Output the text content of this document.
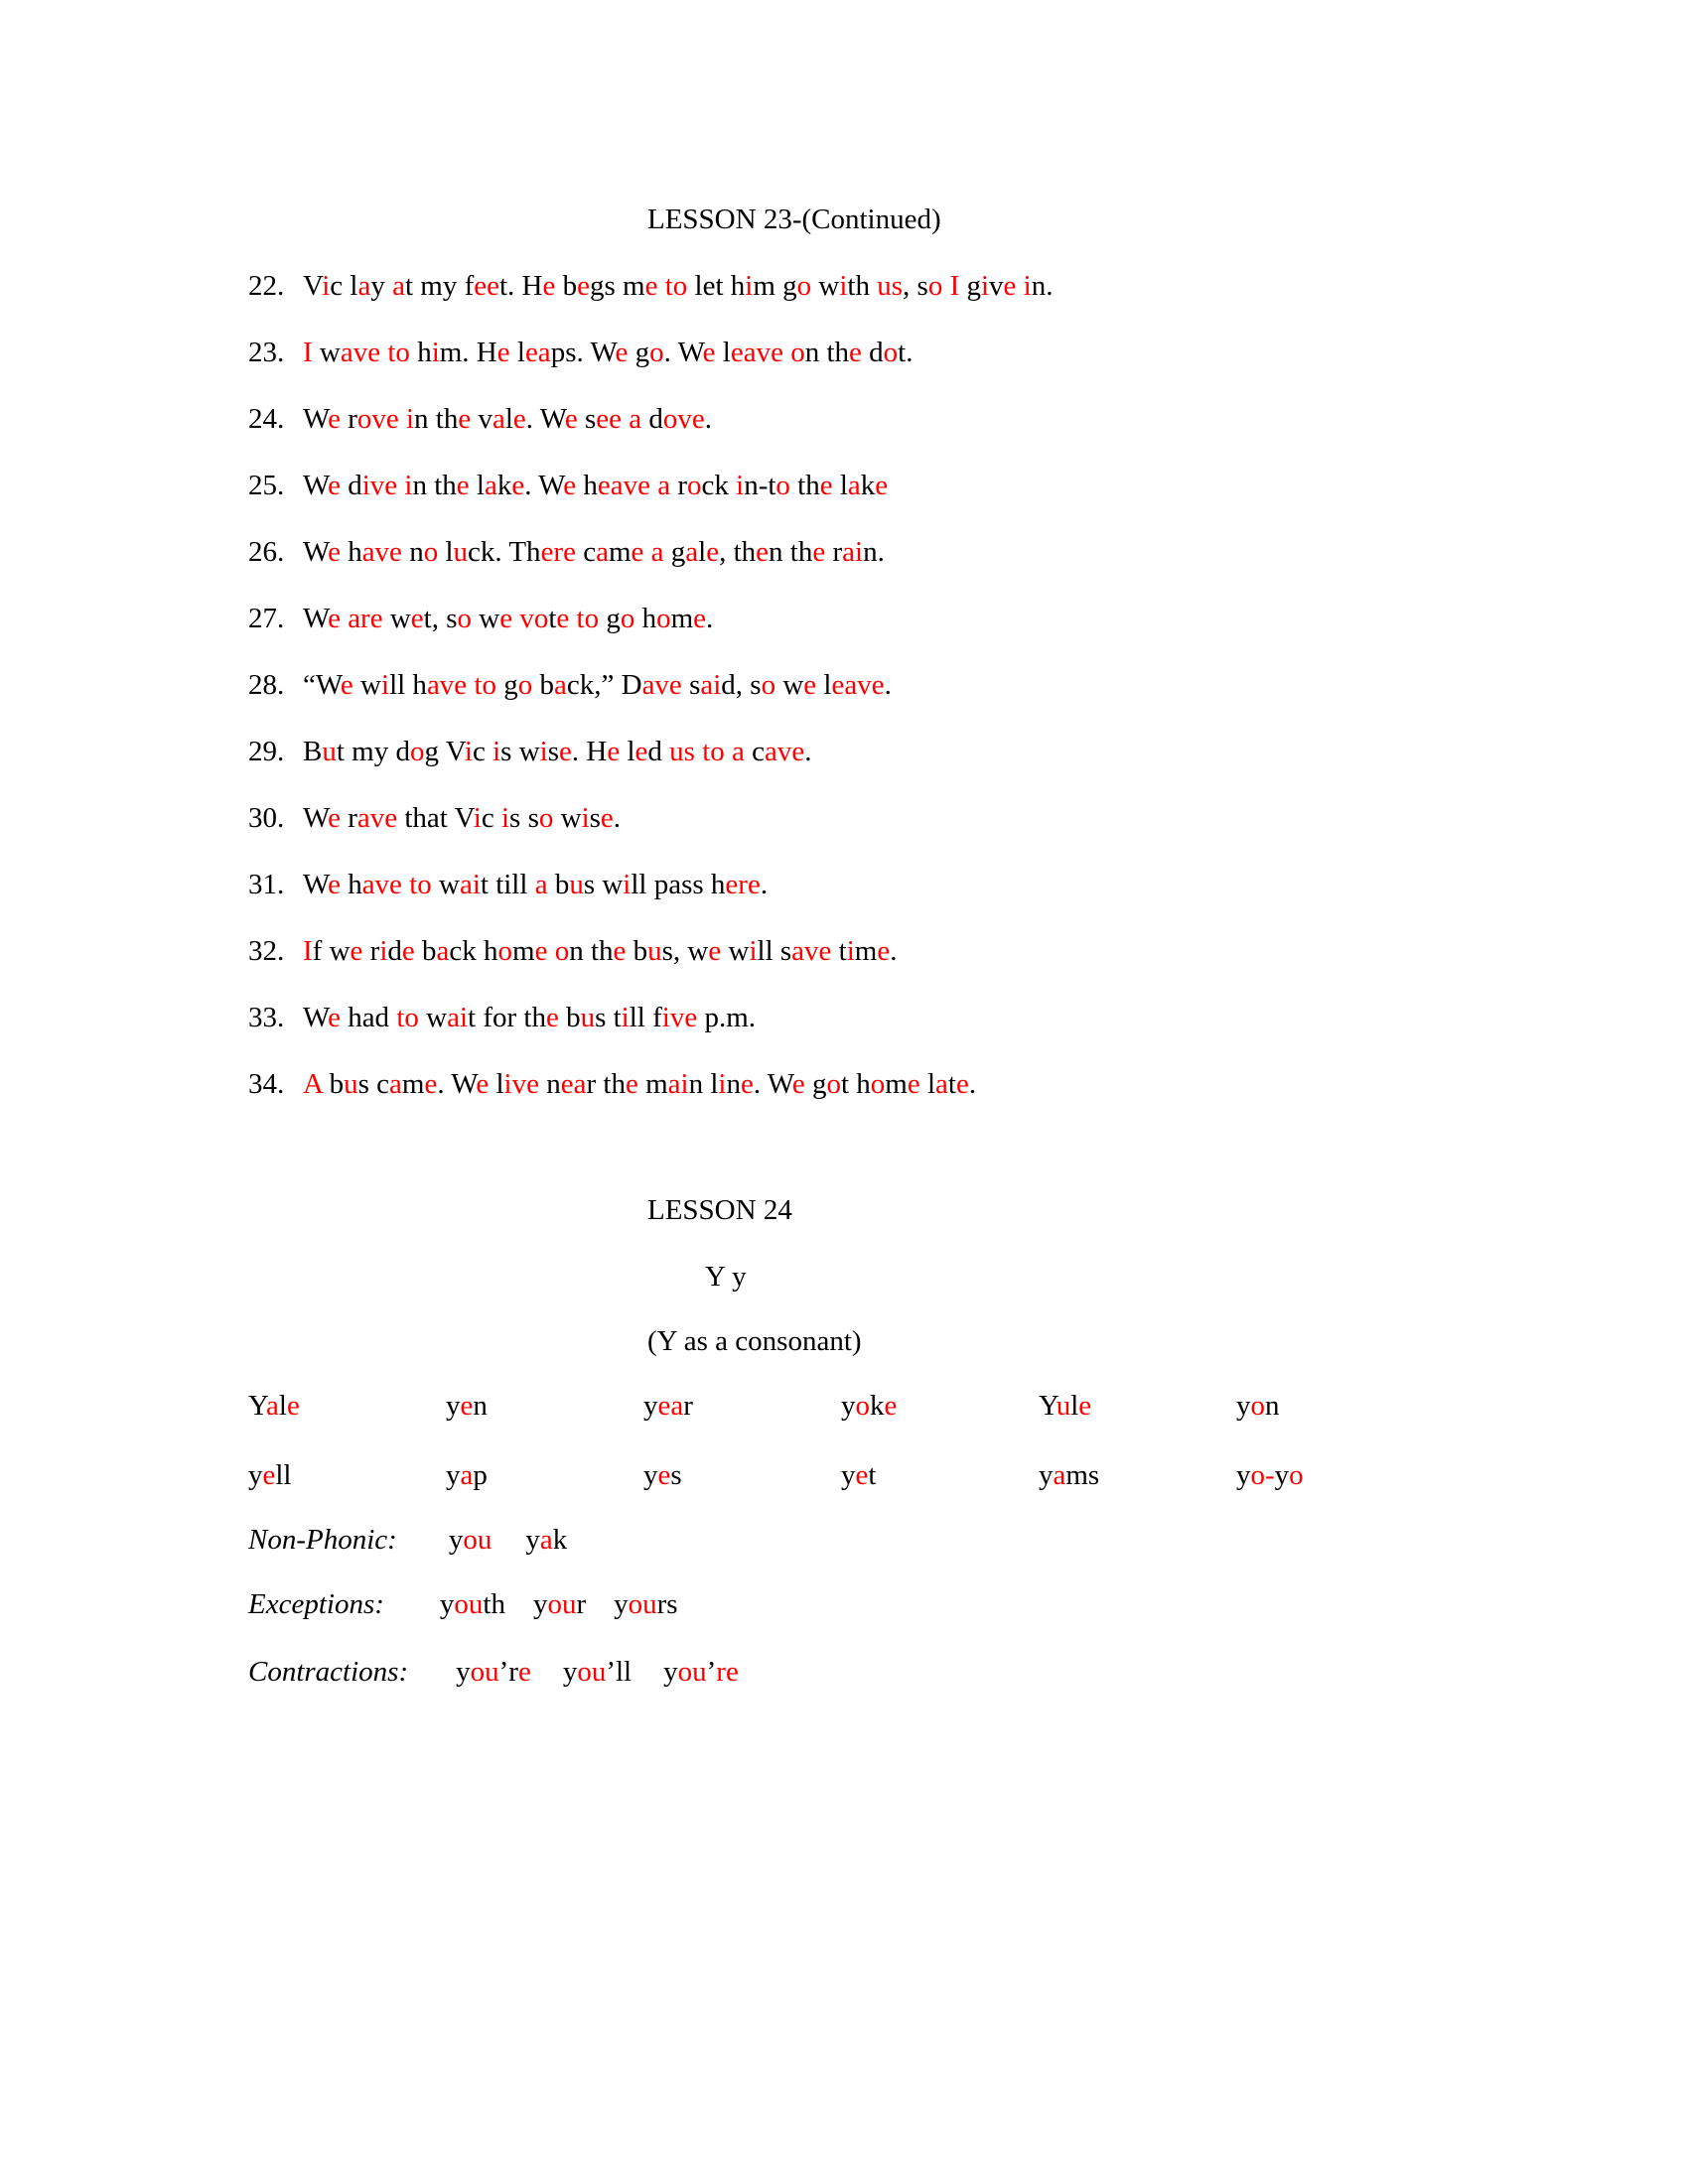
LESSON 23-(Continued)
22. Vic lay at my feet. He begs me to let him go with us, so I give in.
23. I wave to him. He leaps. We go. We leave on the dot.
24. We rove in the vale. We see a dove.
25. We dive in the lake. We heave a rock in-to the lake
26. We have no luck. There came a gale, then the rain.
27. We are wet, so we vote to go home.
28. “We will have to go back,” Dave said, so we leave.
29. But my dog Vic is wise. He led us to a cave.
30. We rave that Vic is so wise.
31. We have to wait till a bus will pass here.
32. If we ride back home on the bus, we will save time.
33. We had to wait for the bus till five p.m.
34. A bus came. We live near the main line. We got home late.
LESSON 24
Y y
(Y as a consonant)
Yale	yen	year	yoke	Yule	yon
yell	yap	yes	yet	yams	yo-yo
Non-Phonic: you yak
Exceptions: youth your yours
Contractions: you’re you’ll you’re
